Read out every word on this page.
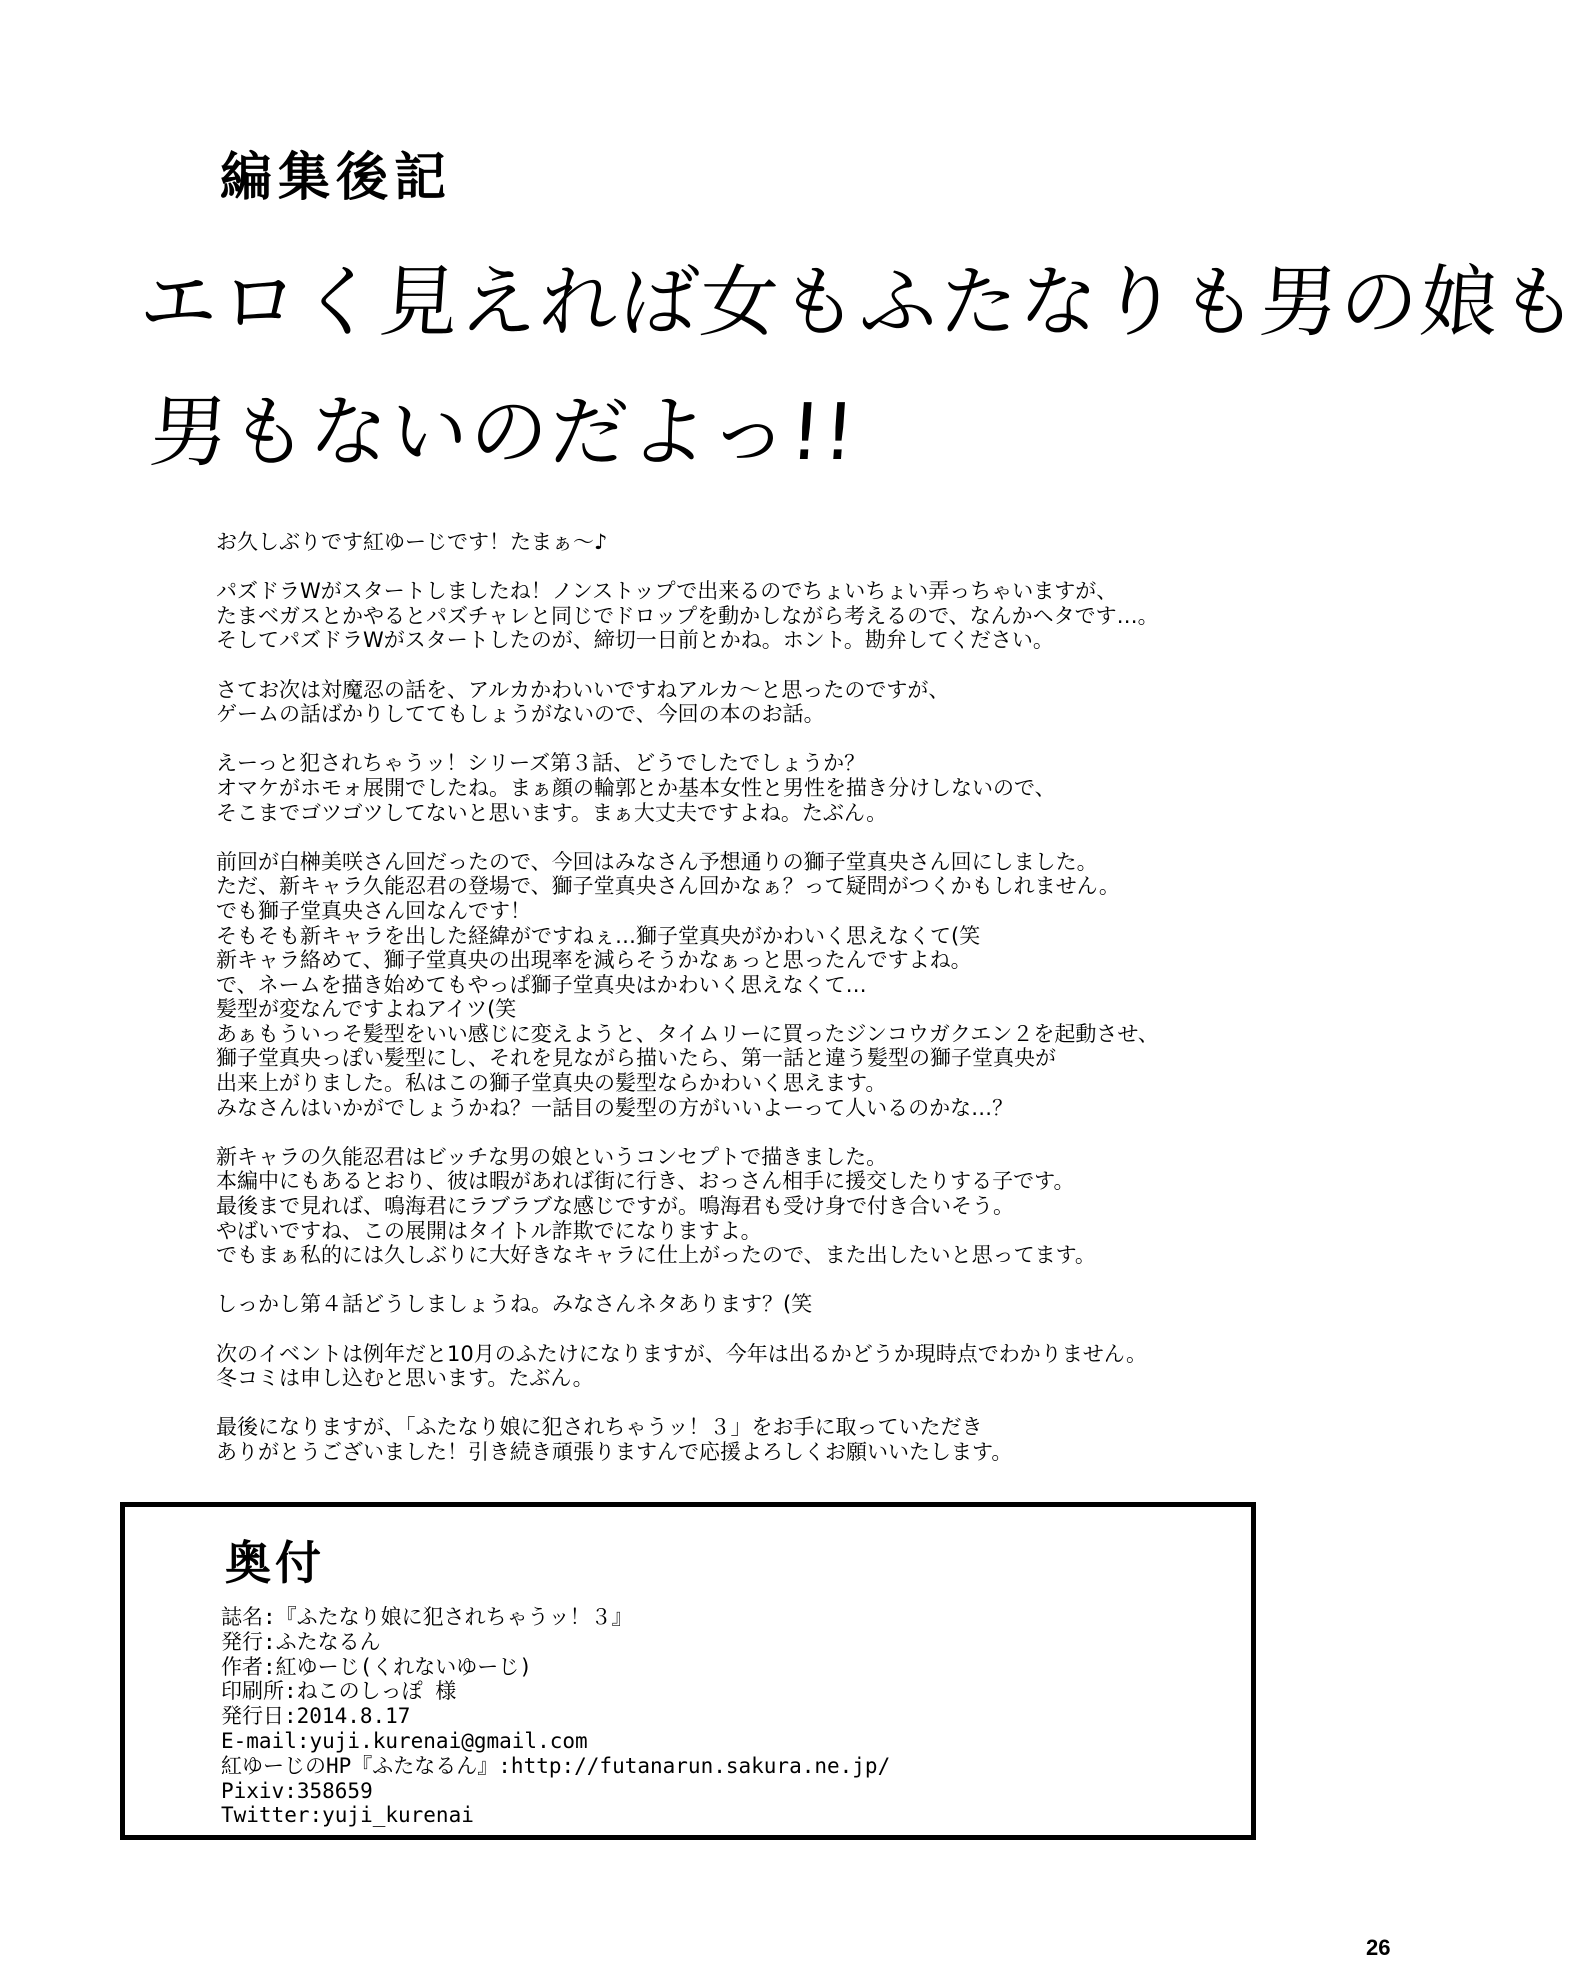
編集後記
エロく見えれば女もふたなりも男の娘も
男もないのだよっ!!

お久しぶりです紅ゆーじです！たまぁ～♪

パズドラWがスタートしましたね！ノンストップで出来るのでちょいちょい弄っちゃいますが、
たまベガスとかやるとパズチャレと同じでドロップを動かしながら考えるので、なんかヘタです…。
そしてパズドラWがスタートしたのが、締切一日前とかね。ホント。勘弁してください。

さてお次は対魔忍の話を、アルカかわいいですねアルカ～と思ったのですが、
ゲームの話ばかりしててもしょうがないので、今回の本のお話。

えーっと犯されちゃうッ！シリーズ第３話、どうでしたでしょうか？
オマケがホモォ展開でしたね。まぁ顔の輪郭とか基本女性と男性を描き分けしないので、
そこまでゴツゴツしてないと思います。まぁ大丈夫ですよね。たぶん。

前回が白榊美咲さん回だったので、今回はみなさん予想通りの獅子堂真央さん回にしました。
ただ、新キャラ久能忍君の登場で、獅子堂真央さん回かなぁ？って疑問がつくかもしれません。
でも獅子堂真央さん回なんです！
そもそも新キャラを出した経緯がですねぇ…獅子堂真央がかわいく思えなくて(笑
新キャラ絡めて、獅子堂真央の出現率を減らそうかなぁっと思ったんですよね。
で、ネームを描き始めてもやっぱ獅子堂真央はかわいく思えなくて…
髪型が変なんですよねアイツ(笑
あぁもういっそ髪型をいい感じに変えようと、タイムリーに買ったジンコウガクエン２を起動させ、
獅子堂真央っぽい髪型にし、それを見ながら描いたら、第一話と違う髪型の獅子堂真央が
出来上がりました。私はこの獅子堂真央の髪型ならかわいく思えます。
みなさんはいかがでしょうかね？一話目の髪型の方がいいよーって人いるのかな…？

新キャラの久能忍君はビッチな男の娘というコンセプトで描きました。
本編中にもあるとおり、彼は暇があれば街に行き、おっさん相手に援交したりする子です。
最後まで見れば、鳴海君にラブラブな感じですが。鳴海君も受け身で付き合いそう。
やばいですね、この展開はタイトル詐欺でになりますよ。
でもまぁ私的には久しぶりに大好きなキャラに仕上がったので、また出したいと思ってます。

しっかし第４話どうしましょうね。みなさんネタあります？(笑

次のイベントは例年だと10月のふたけになりますが、今年は出るかどうか現時点でわかりません。
冬コミは申し込むと思います。たぶん。

最後になりますが、「ふたなり娘に犯されちゃうッ！３」をお手に取っていただき
ありがとうございました！引き続き頑張りますんで応援よろしくお願いいたします。

奥付
誌名:『ふたなり娘に犯されちゃうッ！３』
発行:ふたなるん
作者:紅ゆーじ(くれないゆーじ)
印刷所:ねこのしっぽ 様
発行日:2014.8.17
E-mail:yuji.kurenai@gmail.com
紅ゆーじのHP『ふたなるん』:http://futanarun.sakura.ne.jp/
Pixiv:358659
Twitter:yuji_kurenai
26
